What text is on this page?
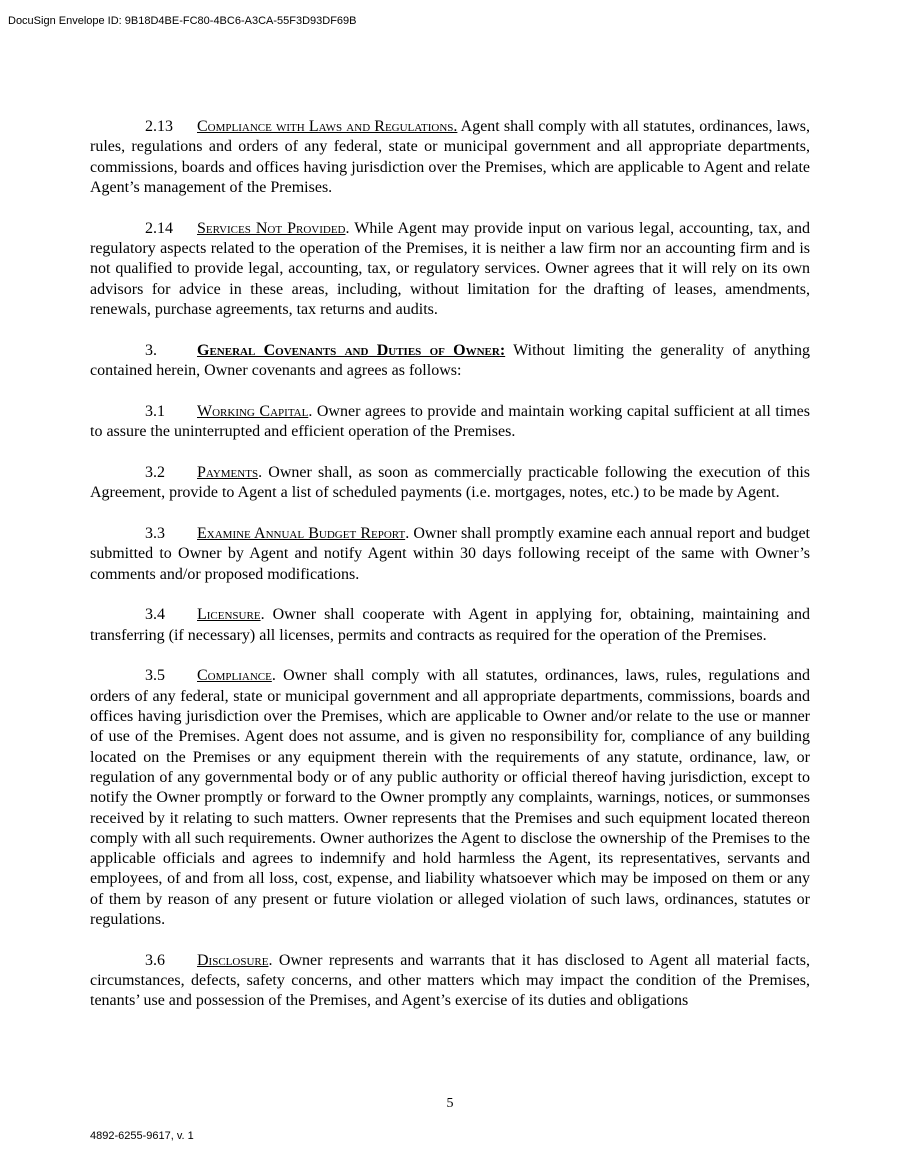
DocuSign Envelope ID: 9B18D4BE-FC80-4BC6-A3CA-55F3D93DF69B

2.13 Compliance with Laws and Regulations. Agent shall comply with all statutes, ordinances, laws, rules, regulations and orders of any federal, state or municipal government and all appropriate departments, commissions, boards and offices having jurisdiction over the Premises, which are applicable to Agent and relate Agent’s management of the Premises.

2.14 Services Not Provided. While Agent may provide input on various legal, accounting, tax, and regulatory aspects related to the operation of the Premises, it is neither a law firm nor an accounting firm and is not qualified to provide legal, accounting, tax, or regulatory services. Owner agrees that it will rely on its own advisors for advice in these areas, including, without limitation for the drafting of leases, amendments, renewals, purchase agreements, tax returns and audits.

3.	General Covenants and Duties of Owner: Without limiting the generality of anything contained herein, Owner covenants and agrees as follows:

3.1 Working Capital. Owner agrees to provide and maintain working capital sufficient at all times to assure the uninterrupted and efficient operation of the Premises.

3.2 Payments. Owner shall, as soon as commercially practicable following the execution of this Agreement, provide to Agent a list of scheduled payments (i.e. mortgages, notes, etc.) to be made by Agent.

3.3 Examine Annual Budget Report. Owner shall promptly examine each annual report and budget submitted to Owner by Agent and notify Agent within 30 days following receipt of the same with Owner’s comments and/or proposed modifications.

3.4 Licensure. Owner shall cooperate with Agent in applying for, obtaining, maintaining and transferring (if necessary) all licenses, permits and contracts as required for the operation of the Premises.

3.5 Compliance. Owner shall comply with all statutes, ordinances, laws, rules, regulations and orders of any federal, state or municipal government and all appropriate departments, commissions, boards and offices having jurisdiction over the Premises, which are applicable to Owner and/or relate to the use or manner of use of the Premises. Agent does not assume, and is given no responsibility for, compliance of any building located on the Premises or any equipment therein with the requirements of any statute, ordinance, law, or regulation of any governmental body or of any public authority or official thereof having jurisdiction, except to notify the Owner promptly or forward to the Owner promptly any complaints, warnings, notices, or summonses received by it relating to such matters. Owner represents that the Premises and such equipment located thereon comply with all such requirements. Owner authorizes the Agent to disclose the ownership of the Premises to the applicable officials and agrees to indemnify and hold harmless the Agent, its representatives, servants and employees, of and from all loss, cost, expense, and liability whatsoever which may be imposed on them or any of them by reason of any present or future violation or alleged violation of such laws, ordinances, statutes or regulations.

3.6 Disclosure. Owner represents and warrants that it has disclosed to Agent all material facts, circumstances, defects, safety concerns, and other matters which may impact the condition of the Premises, tenants’ use and possession of the Premises, and Agent’s exercise of its duties and obligations

5
4892-6255-9617, v. 1
